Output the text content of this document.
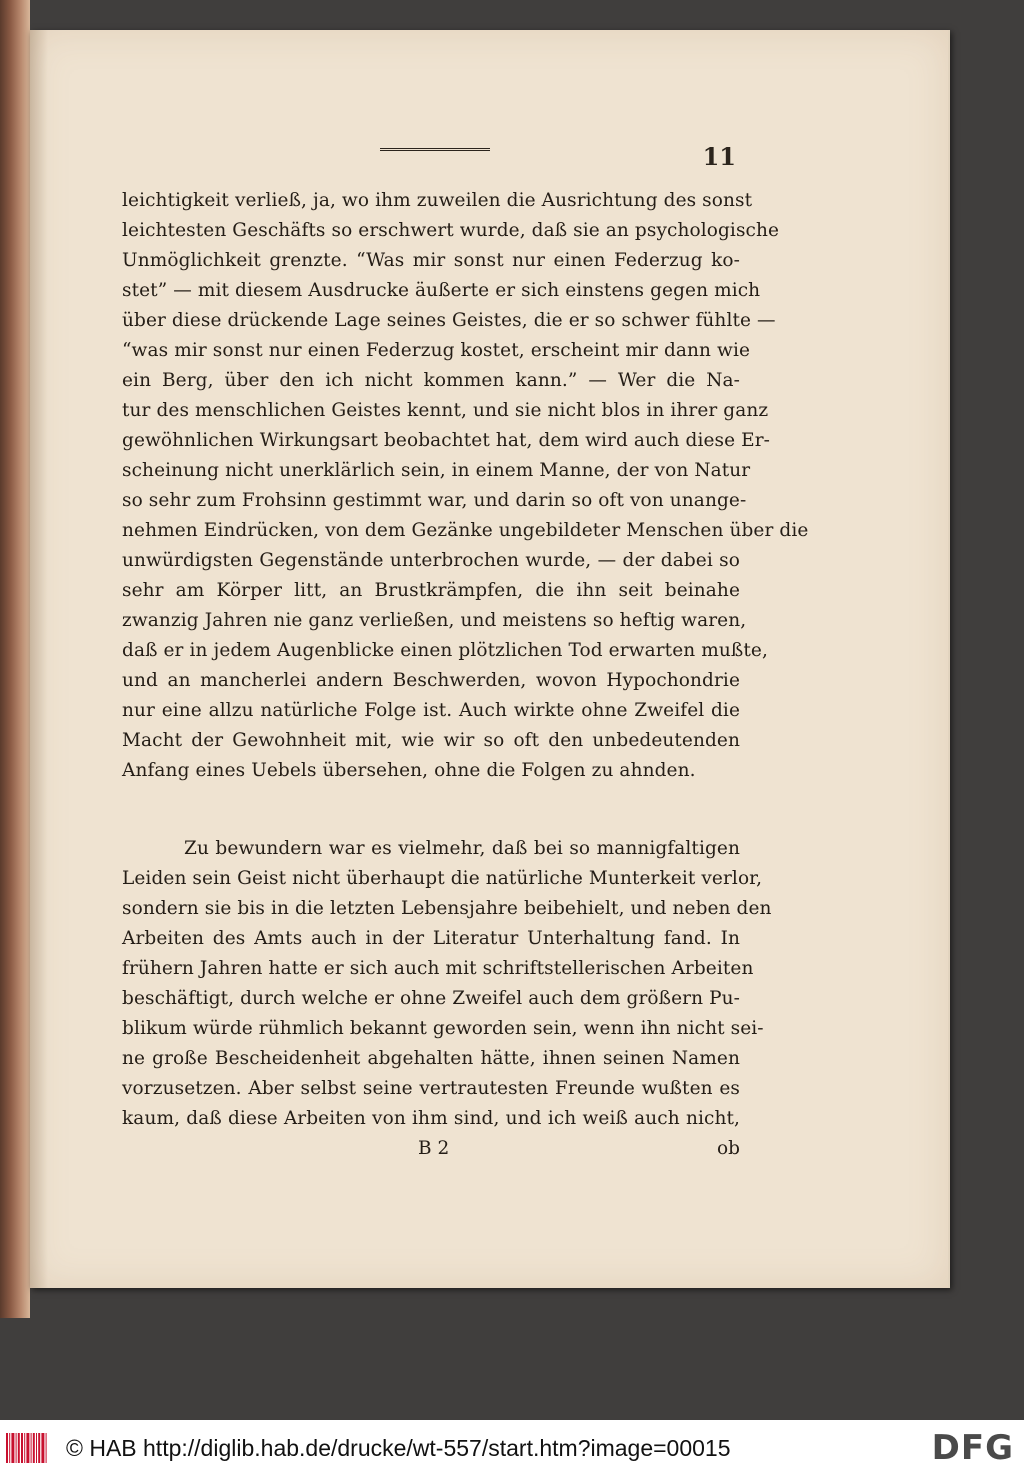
11
leichtigkeit verließ, ja, wo ihm zuweilen die Ausrichtung des sonst
leichtesten Geschäfts so erschwert wurde, daß sie an psychologische
Unmöglichkeit grenzte. “Was mir sonst nur einen Federzug ko-
stet” — mit diesem Ausdrucke äußerte er sich einstens gegen mich
über diese drückende Lage seines Geistes, die er so schwer fühlte —
“was mir sonst nur einen Federzug kostet, erscheint mir dann wie
ein Berg, über den ich nicht kommen kann.” — Wer die Na-
tur des menschlichen Geistes kennt, und sie nicht blos in ihrer ganz
gewöhnlichen Wirkungsart beobachtet hat, dem wird auch diese Er-
scheinung nicht unerklärlich sein, in einem Manne, der von Natur
so sehr zum Frohsinn gestimmt war, und darin so oft von unange-
nehmen Eindrücken, von dem Gezänke ungebildeter Menschen über die
unwürdigsten Gegenstände unterbrochen wurde, — der dabei so
sehr am Körper litt, an Brustkrämpfen, die ihn seit beinahe
zwanzig Jahren nie ganz verließen, und meistens so heftig waren,
daß er in jedem Augenblicke einen plötzlichen Tod erwarten mußte,
und an mancherlei andern Beschwerden, wovon Hypochondrie
nur eine allzu natürliche Folge ist. Auch wirkte ohne Zweifel die
Macht der Gewohnheit mit, wie wir so oft den unbedeutenden
Anfang eines Uebels übersehen, ohne die Folgen zu ahnden.
Zu bewundern war es vielmehr, daß bei so mannigfaltigen
Leiden sein Geist nicht überhaupt die natürliche Munterkeit verlor,
sondern sie bis in die letzten Lebensjahre beibehielt, und neben den
Arbeiten des Amts auch in der Literatur Unterhaltung fand. In
frühern Jahren hatte er sich auch mit schriftstellerischen Arbeiten
beschäftigt, durch welche er ohne Zweifel auch dem größern Pu-
blikum würde rühmlich bekannt geworden sein, wenn ihn nicht sei-
ne große Bescheidenheit abgehalten hätte, ihnen seinen Namen
vorzusetzen. Aber selbst seine vertrautesten Freunde wußten es
kaum, daß diese Arbeiten von ihm sind, und ich weiß auch nicht,
B 2	ob
© HAB http://diglib.hab.de/drucke/wt-557/start.htm?image=00015	DFG
